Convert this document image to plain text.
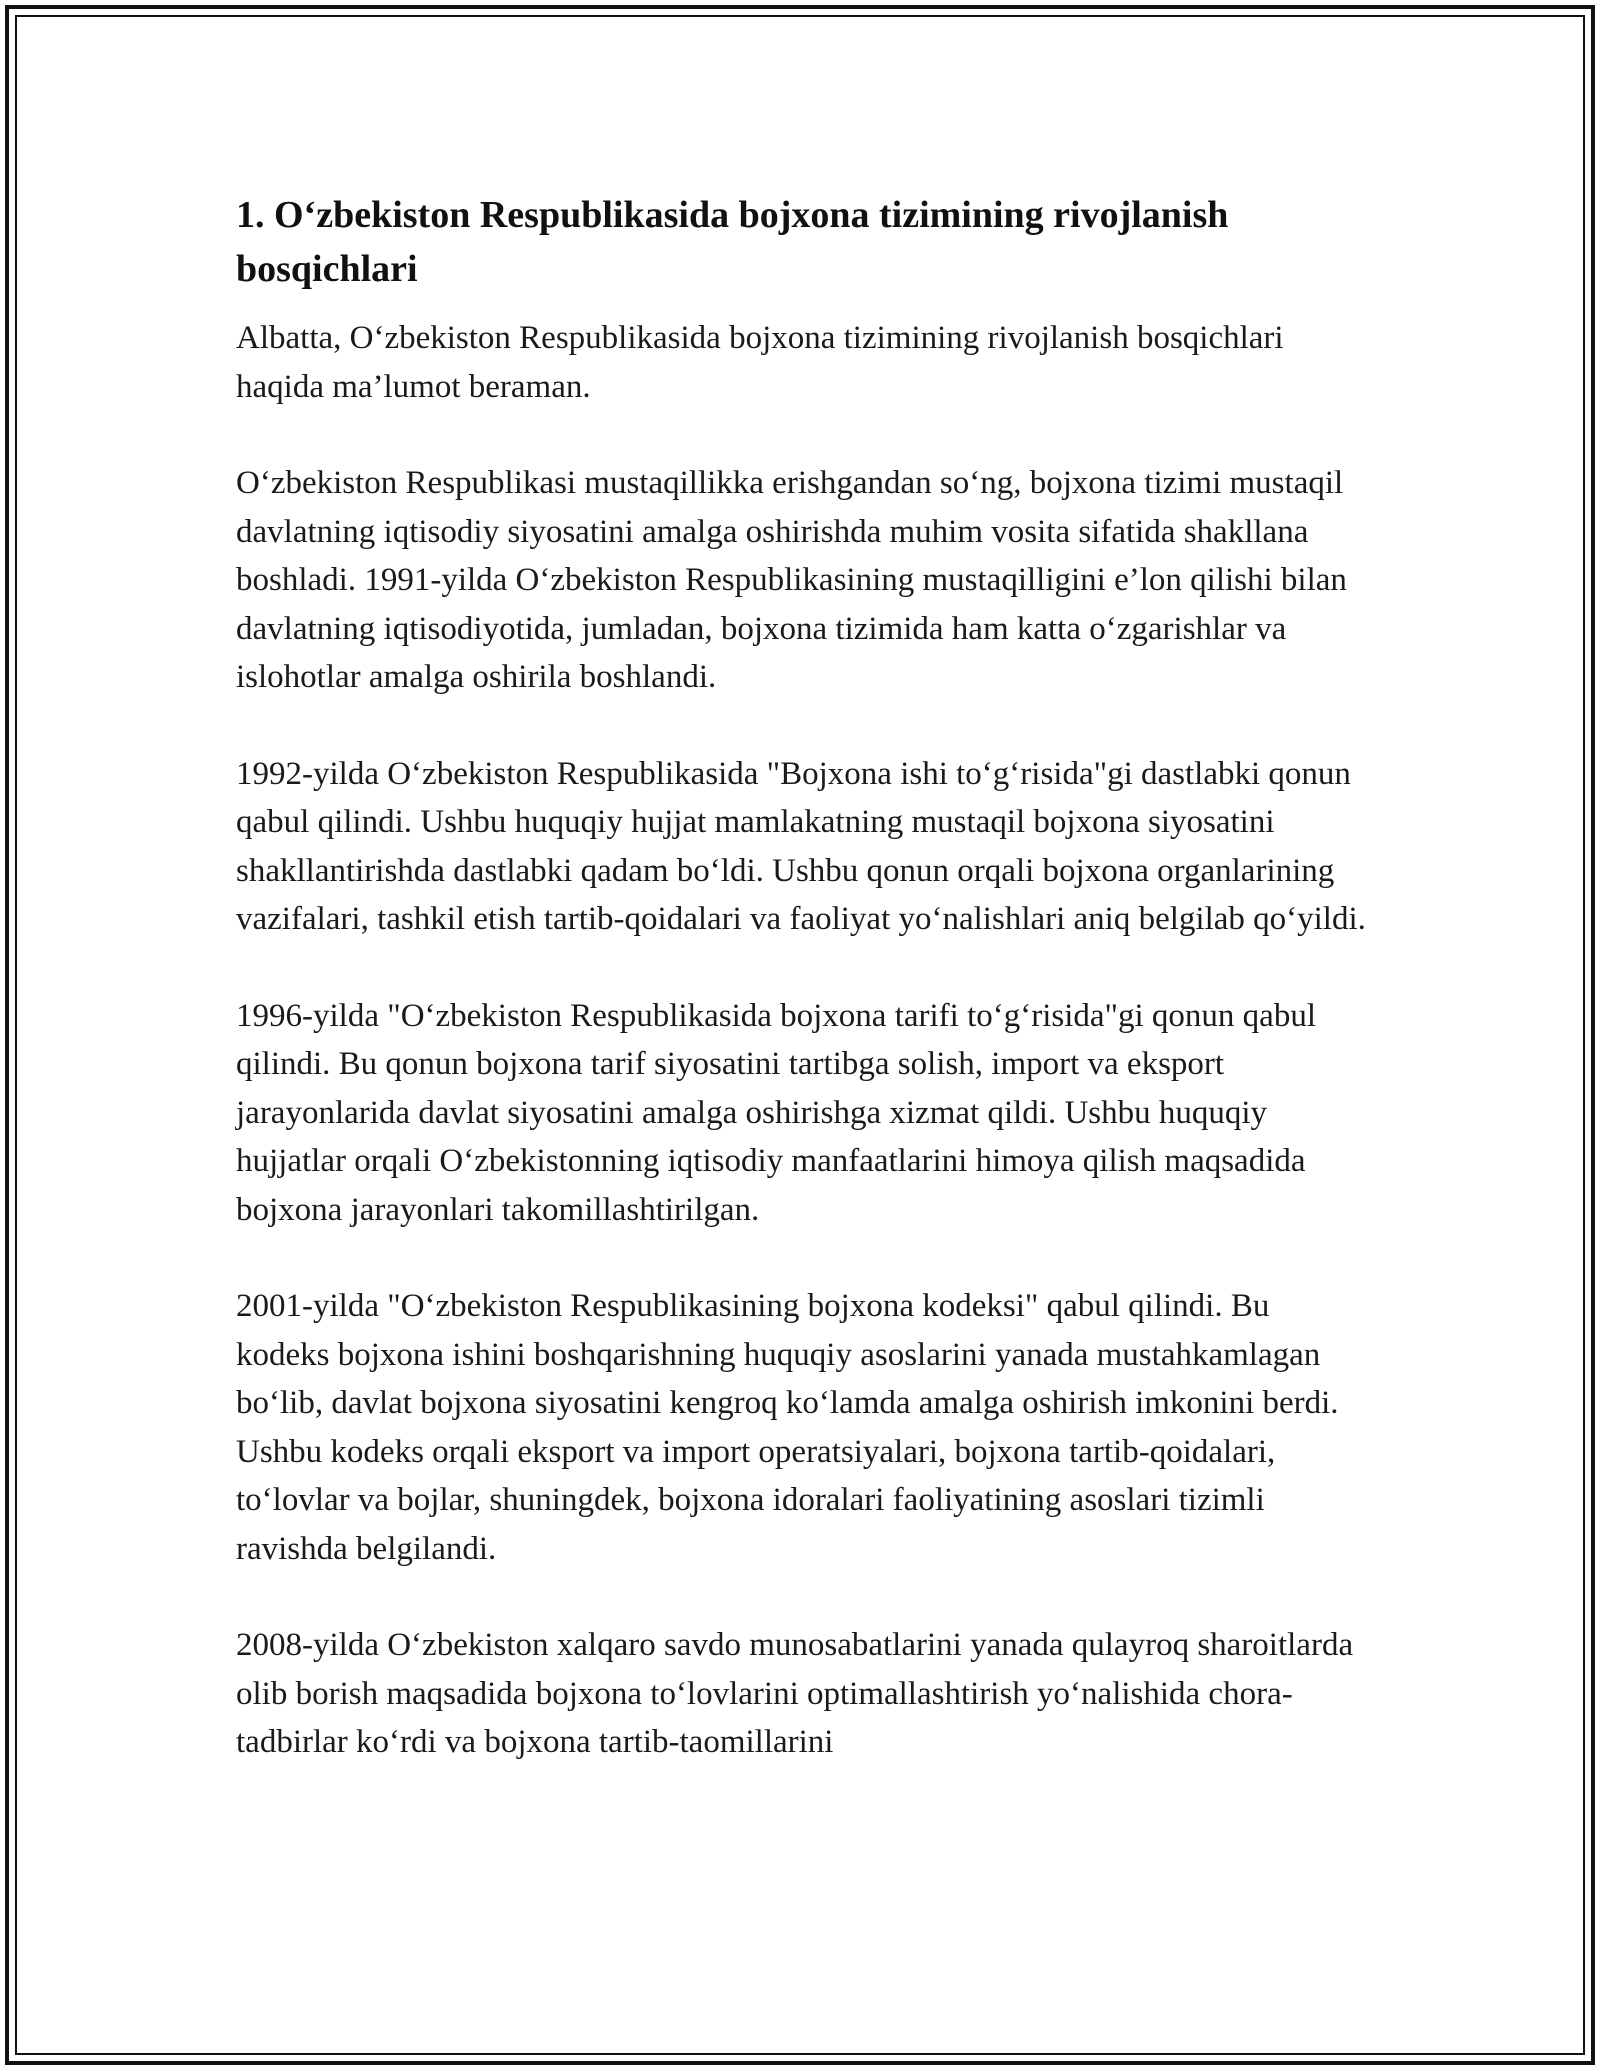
1. O‘zbekiston Respublikasida bojxona tizimining rivojlanish bosqichlari

Albatta, O‘zbekiston Respublikasida bojxona tizimining rivojlanish bosqichlari haqida ma’lumot beraman.

O‘zbekiston Respublikasi mustaqillikka erishgandan so‘ng, bojxona tizimi mustaqil davlatning iqtisodiy siyosatini amalga oshirishda muhim vosita sifatida shakllana boshladi. 1991-yilda O‘zbekiston Respublikasining mustaqilligini e’lon qilishi bilan davlatning iqtisodiyotida, jumladan, bojxona tizimida ham katta o‘zgarishlar va islohotlar amalga oshirila boshlandi.

1992-yilda O‘zbekiston Respublikasida "Bojxona ishi to‘g‘risida"gi dastlabki qonun qabul qilindi. Ushbu huquqiy hujjat mamlakatning mustaqil bojxona siyosatini shakllantirishda dastlabki qadam bo‘ldi. Ushbu qonun orqali bojxona organlarining vazifalari, tashkil etish tartib-qoidalari va faoliyat yo‘nalishlari aniq belgilab qo‘yildi.

1996-yilda "O‘zbekiston Respublikasida bojxona tarifi to‘g‘risida"gi qonun qabul qilindi. Bu qonun bojxona tarif siyosatini tartibga solish, import va eksport jarayonlarida davlat siyosatini amalga oshirishga xizmat qildi. Ushbu huquqiy hujjatlar orqali O‘zbekistonning iqtisodiy manfaatlarini himoya qilish maqsadida bojxona jarayonlari takomillashtirilgan.

2001-yilda "O‘zbekiston Respublikasining bojxona kodeksi" qabul qilindi. Bu kodeks bojxona ishini boshqarishning huquqiy asoslarini yanada mustahkamlagan bo‘lib, davlat bojxona siyosatini kengroq ko‘lamda amalga oshirish imkonini berdi. Ushbu kodeks orqali eksport va import operatsiyalari, bojxona tartib-qoidalari, to‘lovlar va bojlar, shuningdek, bojxona idoralari faoliyatining asoslari tizimli ravishda belgilandi.

2008-yilda O‘zbekiston xalqaro savdo munosabatlarini yanada qulayroq sharoitlarda olib borish maqsadida bojxona to‘lovlarini optimallashtirish yo‘nalishida chora-tadbirlar ko‘rdi va bojxona tartib-taomillarini
